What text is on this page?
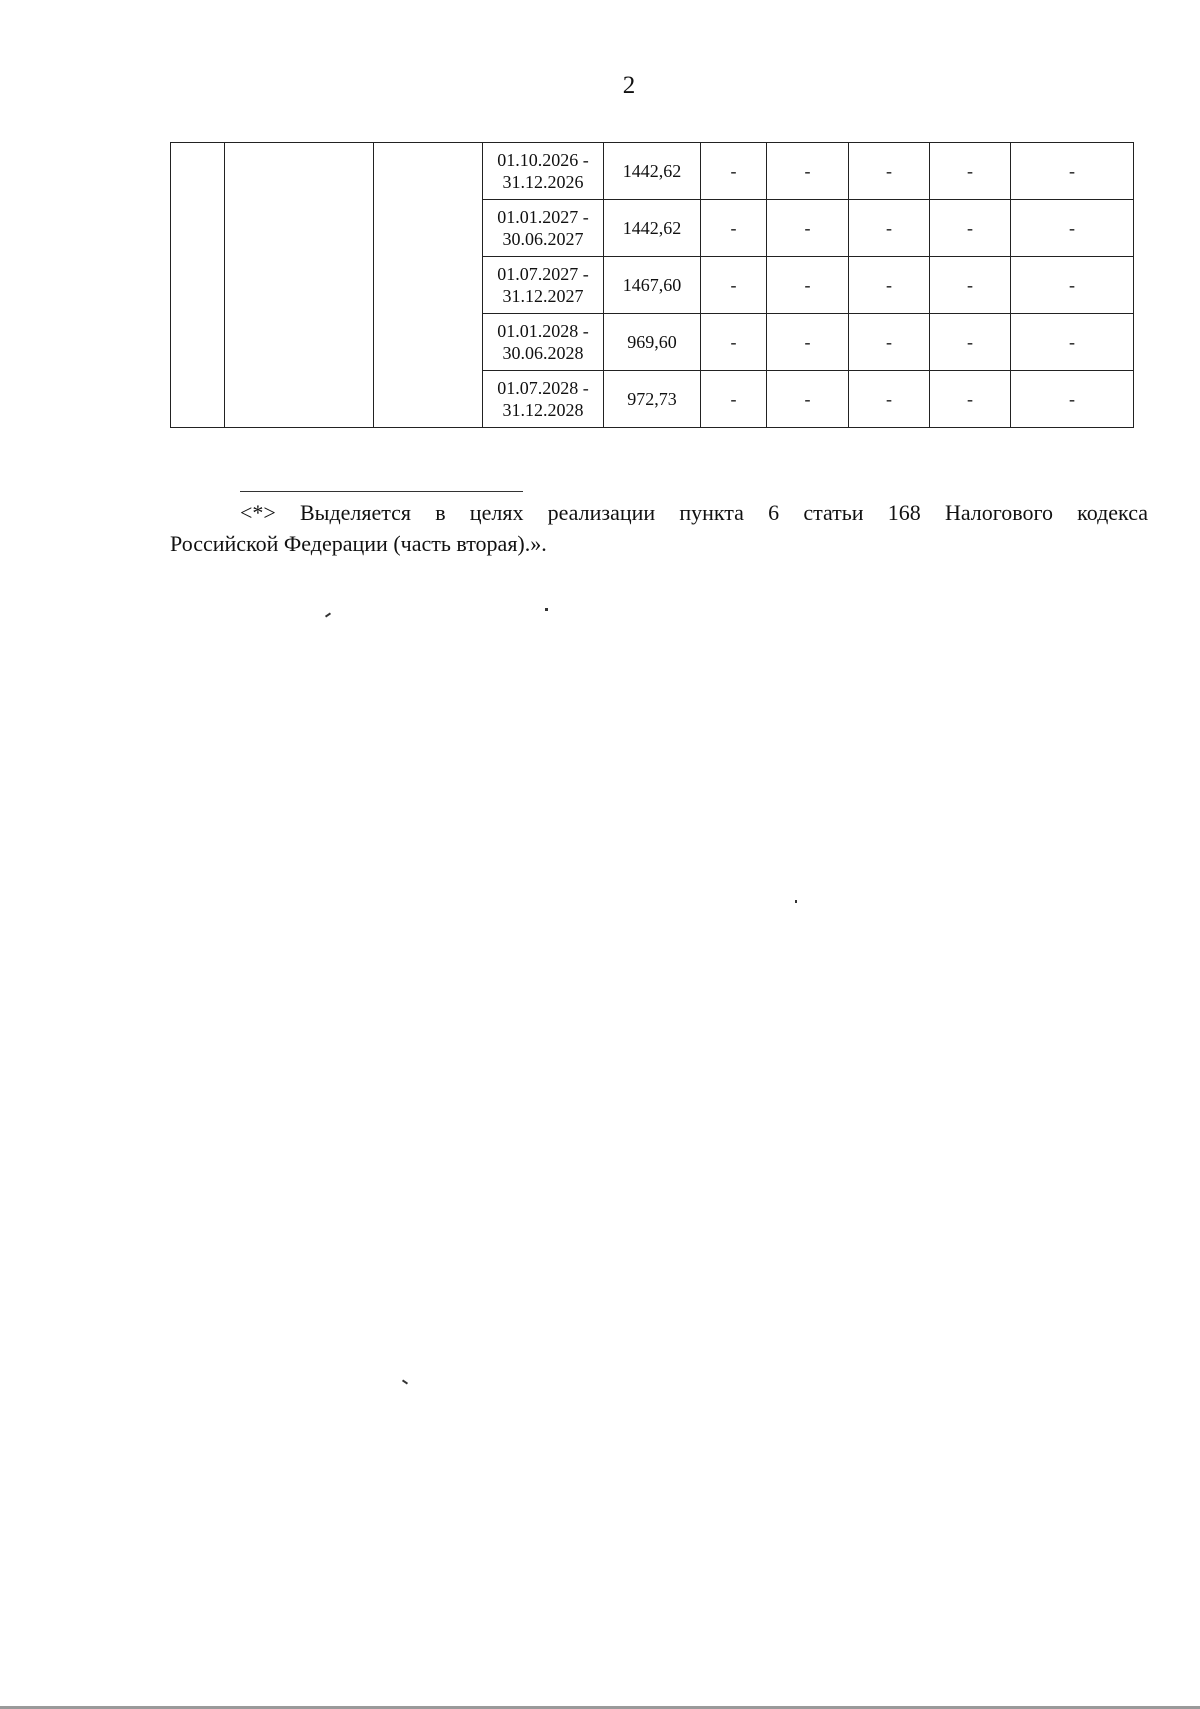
2

			01.10.2026 -
31.12.2026	1442,62	-	-	-	-	-

			01.01.2027 -
30.06.2027	1442,62	-	-	-	-	-

			01.07.2027 -
31.12.2027	1467,60	-	-	-	-	-

			01.01.2028 -
30.06.2028	969,60	-	-	-	-	-

			01.07.2028 -
31.12.2028	972,73	-	-	-	-	-
<*> Выделяется в целях реализации пункта 6 статьи 168 Налогового кодекса
Российской Федерации (часть вторая).».
